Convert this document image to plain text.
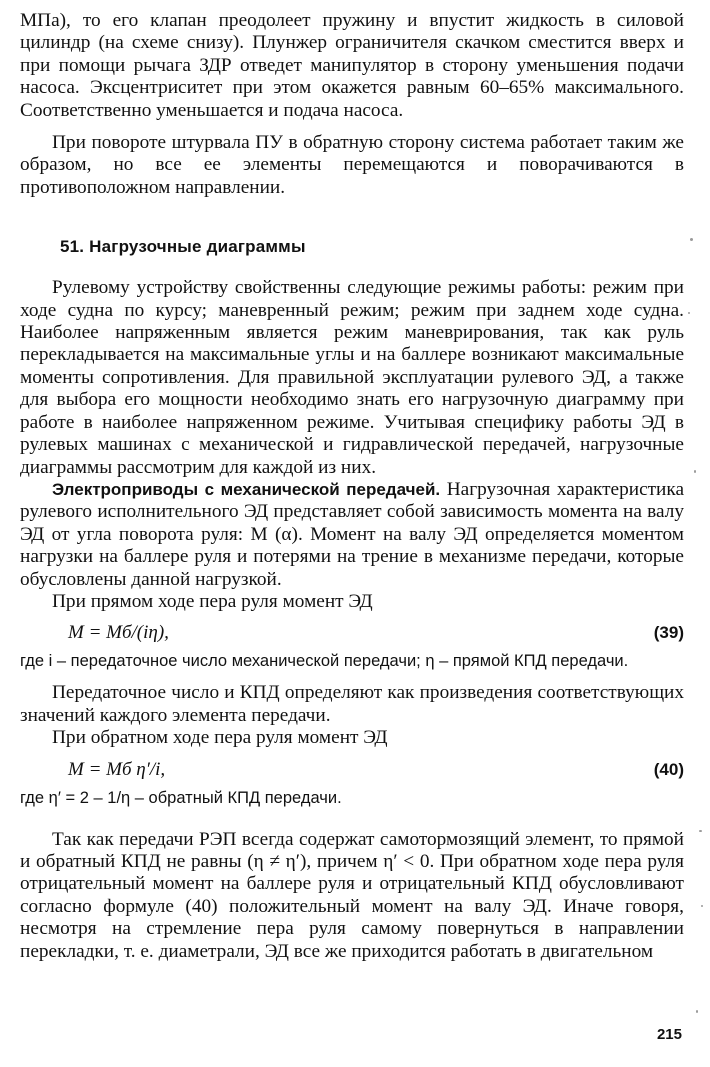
МПа), то его клапан преодолеет пружину и впустит жидкость в силовой цилиндр (на схеме снизу). Плунжер ограничителя скачком сместится вверх и при помощи рычага ЗДР отведет манипулятор в сторону уменьшения подачи насоса. Эксцентриситет при этом окажется равным 60–65% максимального. Соответственно уменьшается и подача насоса.

При повороте штурвала ПУ в обратную сторону система работает таким же образом, но все ее элементы перемещаются и поворачиваются в противоположном направлении.

51. Нагрузочные диаграммы

Рулевому устройству свойственны следующие режимы работы: режим при ходе судна по курсу; маневренный режим; режим при заднем ходе судна. Наиболее напряженным является режим маневрирования, так как руль перекладывается на максимальные углы и на баллере возникают максимальные моменты сопротивления. Для правильной эксплуатации рулевого ЭД, а также для выбора его мощности необходимо знать его нагрузочную диаграмму при работе в наиболее напряженном режиме. Учитывая специфику работы ЭД в рулевых машинах с механической и гидравлической передачей, нагрузочные диаграммы рассмотрим для каждой из них.

Электроприводы с механической передачей. Нагрузочная характеристика рулевого исполнительного ЭД представляет собой зависимость момента на валу ЭД от угла поворота руля: M (α). Момент на валу ЭД определяется моментом нагрузки на баллере руля и потерями на трение в механизме передачи, которые обусловлены данной нагрузкой.

При прямом ходе пера руля момент ЭД

M = Mб/(iη),	(39)

где i – передаточное число механической передачи; η – прямой КПД передачи.

Передаточное число и КПД определяют как произведения соответствующих значений каждого элемента передачи.

При обратном ходе пера руля момент ЭД

M = Mб η′/i,	(40)

где η′ = 2 – 1/η – обратный КПД передачи.

Так как передачи РЭП всегда содержат самотормозящий элемент, то прямой и обратный КПД не равны (η ≠ η′), причем η′ < 0. При обратном ходе пера руля отрицательный момент на баллере руля и отрицательный КПД обусловливают согласно формуле (40) положительный момент на валу ЭД. Иначе говоря, несмотря на стремление пера руля самому повернуться в направлении перекладки, т. е. диаметрали, ЭД все же приходится работать в двигательном

215
